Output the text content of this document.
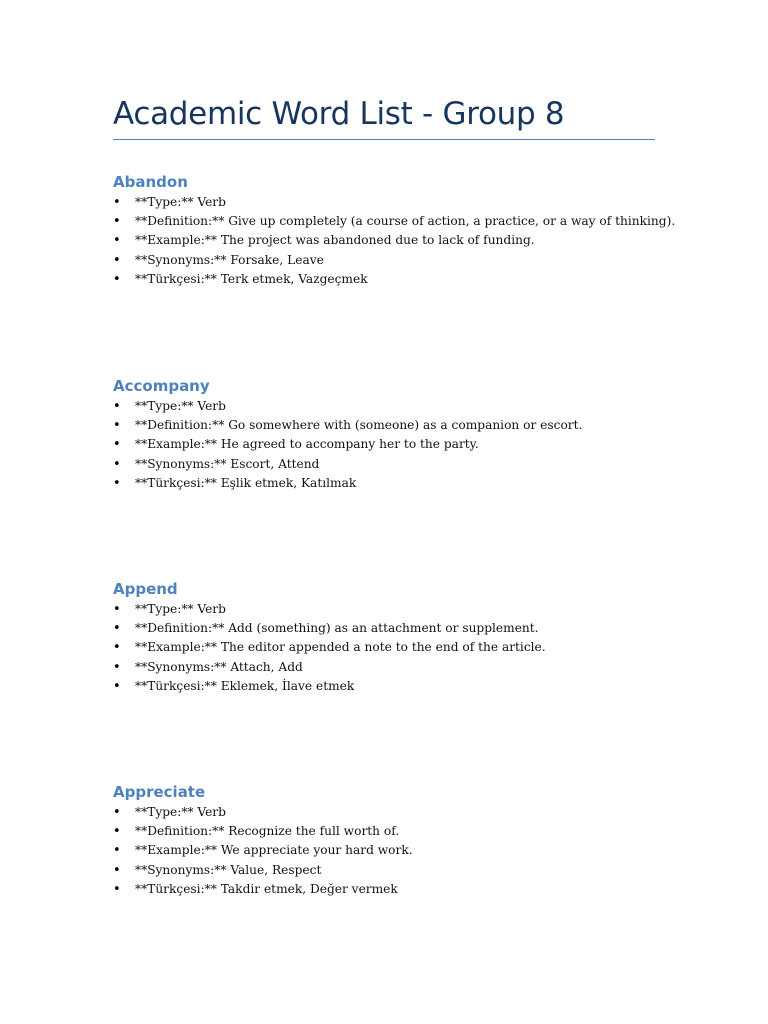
Academic Word List - Group 8
Abandon
•	**Type:** Verb
•	**Definition:** Give up completely (a course of action, a practice, or a way of thinking).
•	**Example:** The project was abandoned due to lack of funding.
•	**Synonyms:** Forsake, Leave
•	**Türkçesi:** Terk etmek, Vazgeçmek
Accompany
•	**Type:** Verb
•	**Definition:** Go somewhere with (someone) as a companion or escort.
•	**Example:** He agreed to accompany her to the party.
•	**Synonyms:** Escort, Attend
•	**Türkçesi:** Eşlik etmek, Katılmak
Append
•	**Type:** Verb
•	**Definition:** Add (something) as an attachment or supplement.
•	**Example:** The editor appended a note to the end of the article.
•	**Synonyms:** Attach, Add
•	**Türkçesi:** Eklemek, İlave etmek
Appreciate
•	**Type:** Verb
•	**Definition:** Recognize the full worth of.
•	**Example:** We appreciate your hard work.
•	**Synonyms:** Value, Respect
•	**Türkçesi:** Takdir etmek, Değer vermek
